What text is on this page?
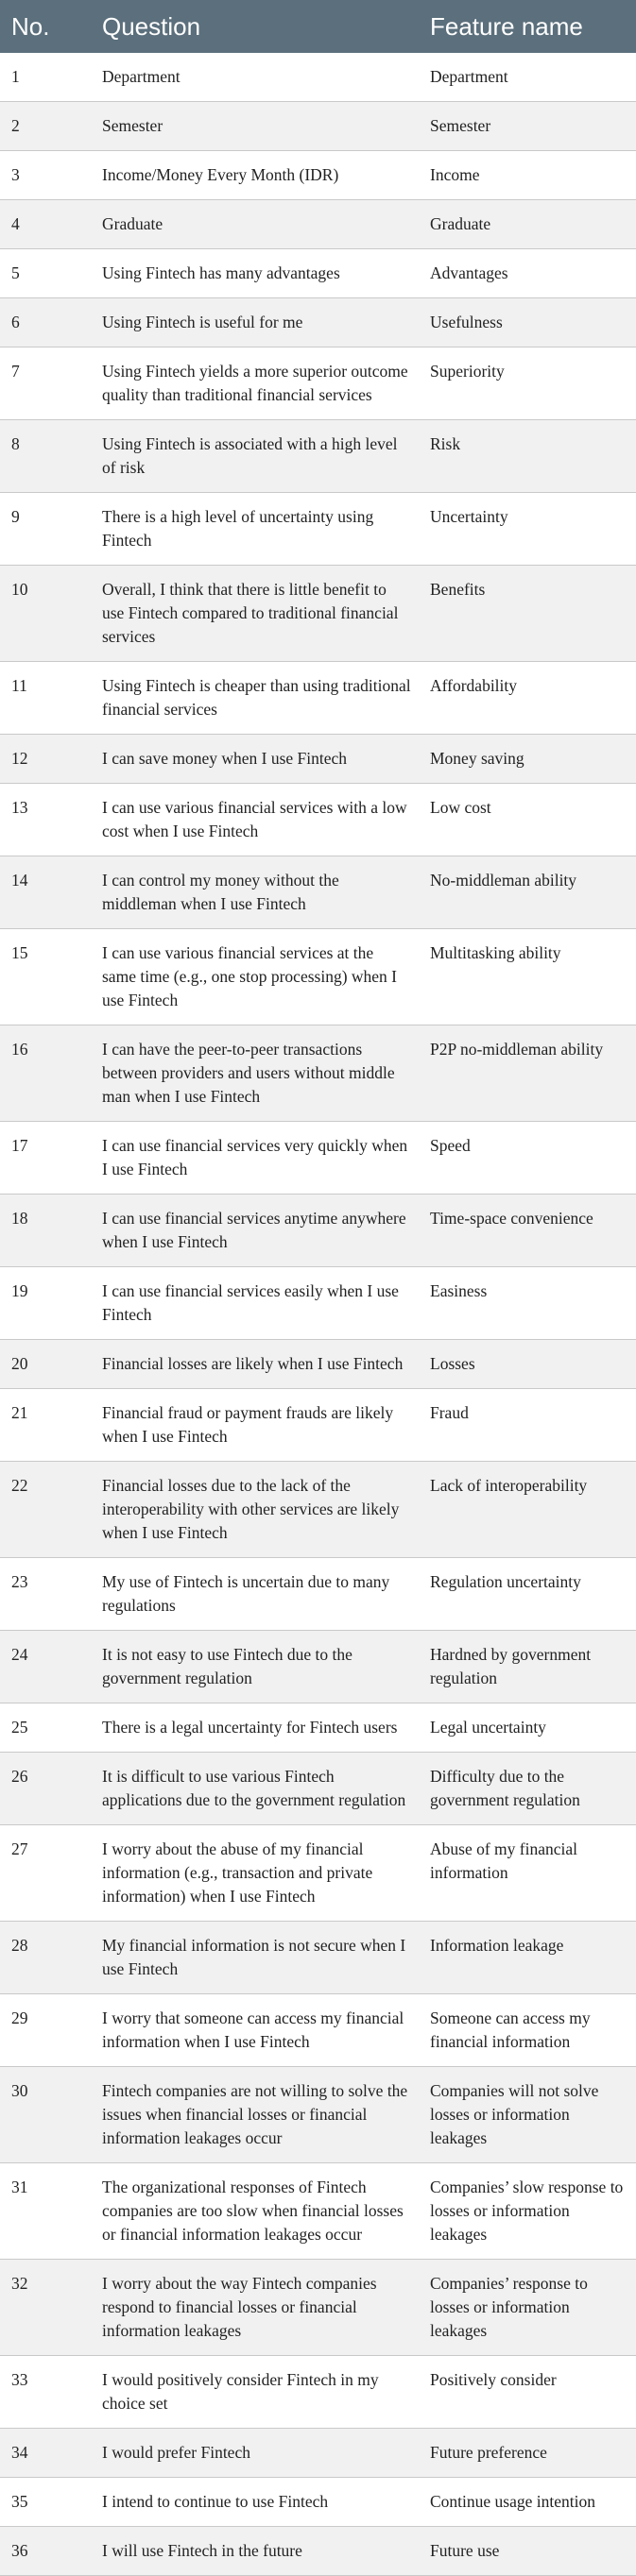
No.	Question	Feature name
1	Department	Department
2	Semester	Semester
3	Income/Money Every Month (IDR)	Income
4	Graduate	Graduate
5	Using Fintech has many advantages	Advantages
6	Using Fintech is useful for me	Usefulness
7	Using Fintech yields a more superior outcome quality than traditional financial services	Superiority
8	Using Fintech is associated with a high level of risk	Risk
9	There is a high level of uncertainty using Fintech	Uncertainty
10	Overall, I think that there is little benefit to use Fintech compared to traditional financial services	Benefits
11	Using Fintech is cheaper than using traditional financial services	Affordability
12	I can save money when I use Fintech	Money saving
13	I can use various financial services with a low cost when I use Fintech	Low cost
14	I can control my money without the middleman when I use Fintech	No-middleman ability
15	I can use various financial services at the same time (e.g., one stop processing) when I use Fintech	Multitasking ability
16	I can have the peer-to-peer transactions between providers and users without middle man when I use Fintech	P2P no-middleman ability
17	I can use financial services very quickly when I use Fintech	Speed
18	I can use financial services anytime anywhere when I use Fintech	Time-space convenience
19	I can use financial services easily when I use Fintech	Easiness
20	Financial losses are likely when I use Fintech	Losses
21	Financial fraud or payment frauds are likely when I use Fintech	Fraud
22	Financial losses due to the lack of the interoperability with other services are likely when I use Fintech	Lack of interoperability
23	My use of Fintech is uncertain due to many regulations	Regulation uncertainty
24	It is not easy to use Fintech due to the government regulation	Hardned by government regulation
25	There is a legal uncertainty for Fintech users	Legal uncertainty
26	It is difficult to use various Fintech applications due to the government regulation	Difficulty due to the government regulation
27	I worry about the abuse of my financial information (e.g., transaction and private information) when I use Fintech	Abuse of my financial information
28	My financial information is not secure when I use Fintech	Information leakage
29	I worry that someone can access my financial information when I use Fintech	Someone can access my financial information
30	Fintech companies are not willing to solve the issues when financial losses or financial information leakages occur	Companies will not solve losses or information leakages
31	The organizational responses of Fintech companies are too slow when financial losses or financial information leakages occur	Companies’ slow response to losses or information leakages
32	I worry about the way Fintech companies respond to financial losses or financial information leakages	Companies’ response to losses or information leakages
33	I would positively consider Fintech in my choice set	Positively consider
34	I would prefer Fintech	Future preference
35	I intend to continue to use Fintech	Continue usage intention
36	I will use Fintech in the future	Future use
